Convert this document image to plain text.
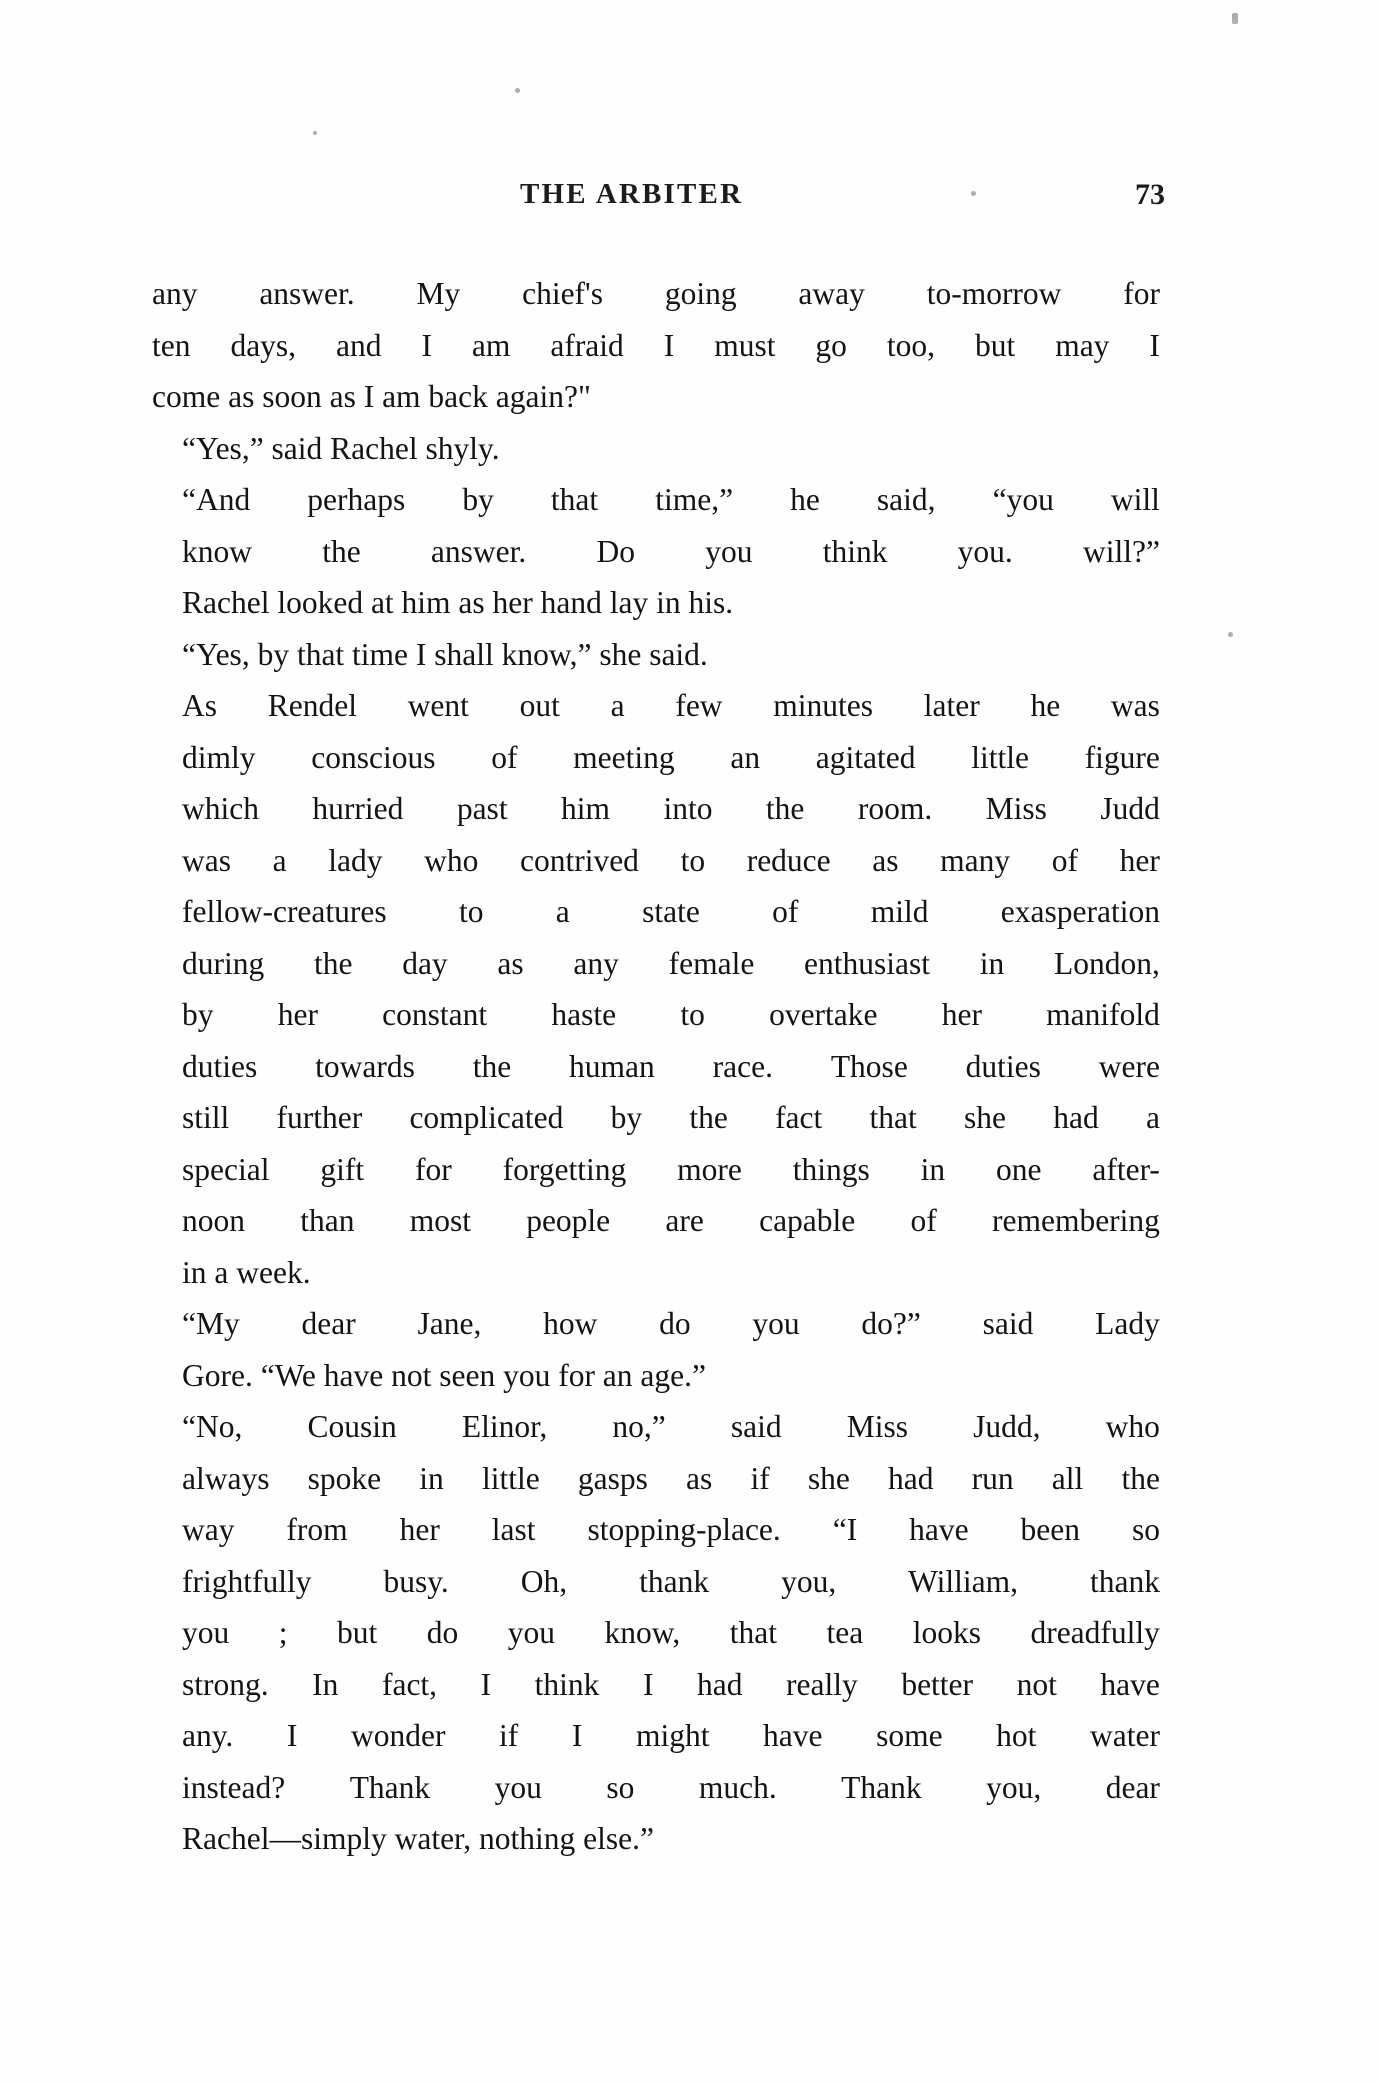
THE ARBITER	73

any answer. My chief's going away to-morrow for
ten days, and I am afraid I must go too, but may I
come as soon as I am back again?"

“Yes,” said Rachel shyly.

“And	perhaps	by	that	time,”	he	said,	“you	will
know	the	answer.	Do	you	think	you.	will?”
Rachel looked at him as her hand lay in his.

“Yes, by that time I shall know,” she said.

As	Rendel	went	out	a	few	minutes	later	he	was
dimly	conscious	of	meeting	an	agitated	little	figure
which	hurried	past	him	into	the	room.	Miss	Judd
was	a	lady	who	contrived	to	reduce	as	many	of	her
fellow-creatures	to	a	state	of	mild	exasperation
during	the	day	as	any	female	enthusiast	in	London,
by	her	constant	haste	to	overtake	her	manifold
duties	towards	the	human	race.	Those	duties	were
still	further	complicated	by	the	fact	that	she	had	a
special	gift	for	forgetting	more	things	in	one	after-
noon	than	most	people	are	capable	of	remembering
in a week.

“My	dear	Jane,	how	do	you	do?”	said	Lady
Gore. “We have not seen you for an age.”

“No,	Cousin	Elinor,	no,”	said	Miss	Judd,	who
always	spoke	in	little	gasps	as	if	she	had	run	all	the
way	from	her	last	stopping-place.	“I	have	been	so
frightfully	busy.	Oh,	thank	you,	William,	thank
you	;	but	do	you	know,	that	tea	looks	dreadfully
strong.	In	fact,	I	think	I	had	really	better	not	have
any.	I	wonder	if	I	might	have	some	hot	water
instead?	Thank	you	so	much.	Thank	you,	dear
Rachel—simply water, nothing else.”
